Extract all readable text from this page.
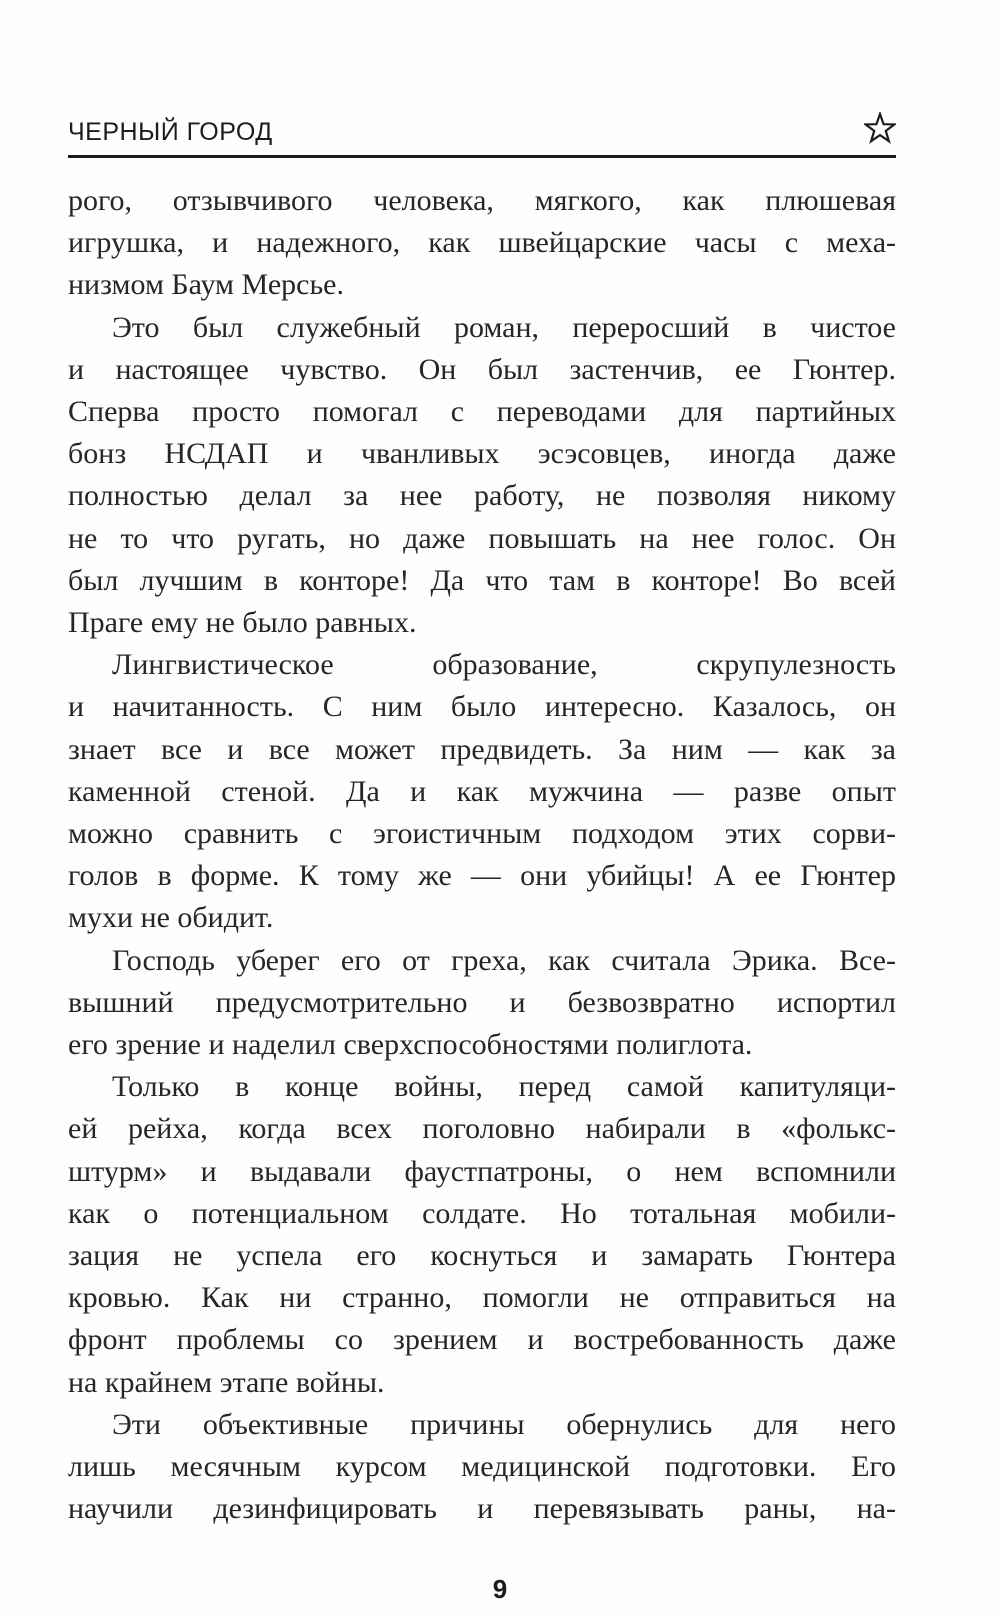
ЧЕРНЫЙ ГОРОД

рого, отзывчивого человека, мягкого, как плюшевая
игрушка, и надежного, как швейцарские часы с меха-
низмом Баум Мерсье.

Это был служебный роман, переросший в чистое
и настоящее чувство. Он был застенчив, ее Гюнтер.
Сперва просто помогал с переводами для партийных
бонз НСДАП и чванливых эсэсовцев, иногда даже
полностью делал за нее работу, не позволяя никому
не то что ругать, но даже повышать на нее голос. Он
был лучшим в конторе! Да что там в конторе! Во всей
Праге ему не было равных.

Лингвистическое образование, скрупулезность
и начитанность. С ним было интересно. Казалось, он
знает все и все может предвидеть. За ним — как за
каменной стеной. Да и как мужчина — разве опыт
можно сравнить с эгоистичным подходом этих сорви-
голов в форме. К тому же — они убийцы! А ее Гюнтер
мухи не обидит.

Господь уберег его от греха, как считала Эрика. Все-
вышний предусмотрительно и безвозвратно испортил
его зрение и наделил сверхспособностями полиглота.

Только в конце войны, перед самой капитуляци-
ей рейха, когда всех поголовно набирали в «фолькс-
штурм» и выдавали фаустпатроны, о нем вспомнили
как о потенциальном солдате. Но тотальная мобили-
зация не успела его коснуться и замарать Гюнтера
кровью. Как ни странно, помогли не отправиться на
фронт проблемы со зрением и востребованность даже
на крайнем этапе войны.

Эти объективные причины обернулись для него
лишь месячным курсом медицинской подготовки. Его
научили дезинфицировать и перевязывать раны, на-

9
